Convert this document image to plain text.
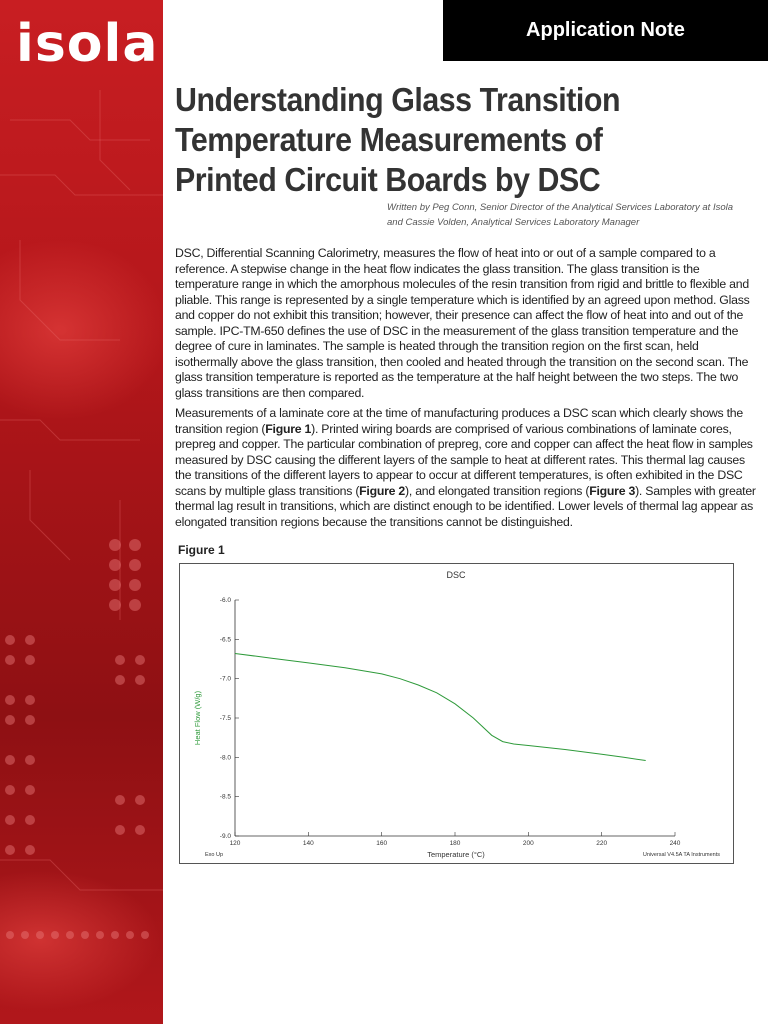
isola	Application Note
Understanding Glass Transition Temperature Measurements of Printed Circuit Boards by DSC
Written by Peg Conn, Senior Director of the Analytical Services Laboratory at Isola
and Cassie Volden, Analytical Services Laboratory Manager

DSC, Differential Scanning Calorimetry, measures the flow of heat into or out of a sample compared to a reference. A stepwise change in the heat flow indicates the glass transition. The glass transition is the temperature range in which the amorphous molecules of the resin transition from rigid and brittle to flexible and pliable. This range is represented by a single temperature which is identified by an agreed upon method. Glass and copper do not exhibit this transition; however, their presence can affect the flow of heat into and out of the sample. IPC-TM-650 defines the use of DSC in the measurement of the glass transition temperature and the degree of cure in laminates. The sample is heated through the transition region on the first scan, held isothermally above the glass transition, then cooled and heated through the transition on the second scan. The glass transition temperature is reported as the temperature at the half height between the two steps. The two glass transitions are then compared.

Measurements of a laminate core at the time of manufacturing produces a DSC scan which clearly shows the transition region (Figure 1). Printed wiring boards are comprised of various combinations of laminate cores, prepreg and copper. The particular combination of prepreg, core and copper can affect the heat flow in samples measured by DSC causing the different layers of the sample to heat at different rates. This thermal lag causes the transitions of the different layers to appear to occur at different temperatures, is often exhibited in the DSC scans by multiple glass transitions (Figure 2), and elongated transition regions (Figure 3). Samples with greater thermal lag result in transitions, which are distinct enough to be identified. Lower levels of thermal lag appear as elongated transition regions because the transitions cannot be distinguished.

Figure 1
DSC
120	140	160	180	200	220	240
-6.0
-6.5
-7.0
-7.5
-8.0
-8.5
-9.0
Temperature (°C)
Heat Flow (W/g)
Exo Up	Universal V4.5A TA Instruments
